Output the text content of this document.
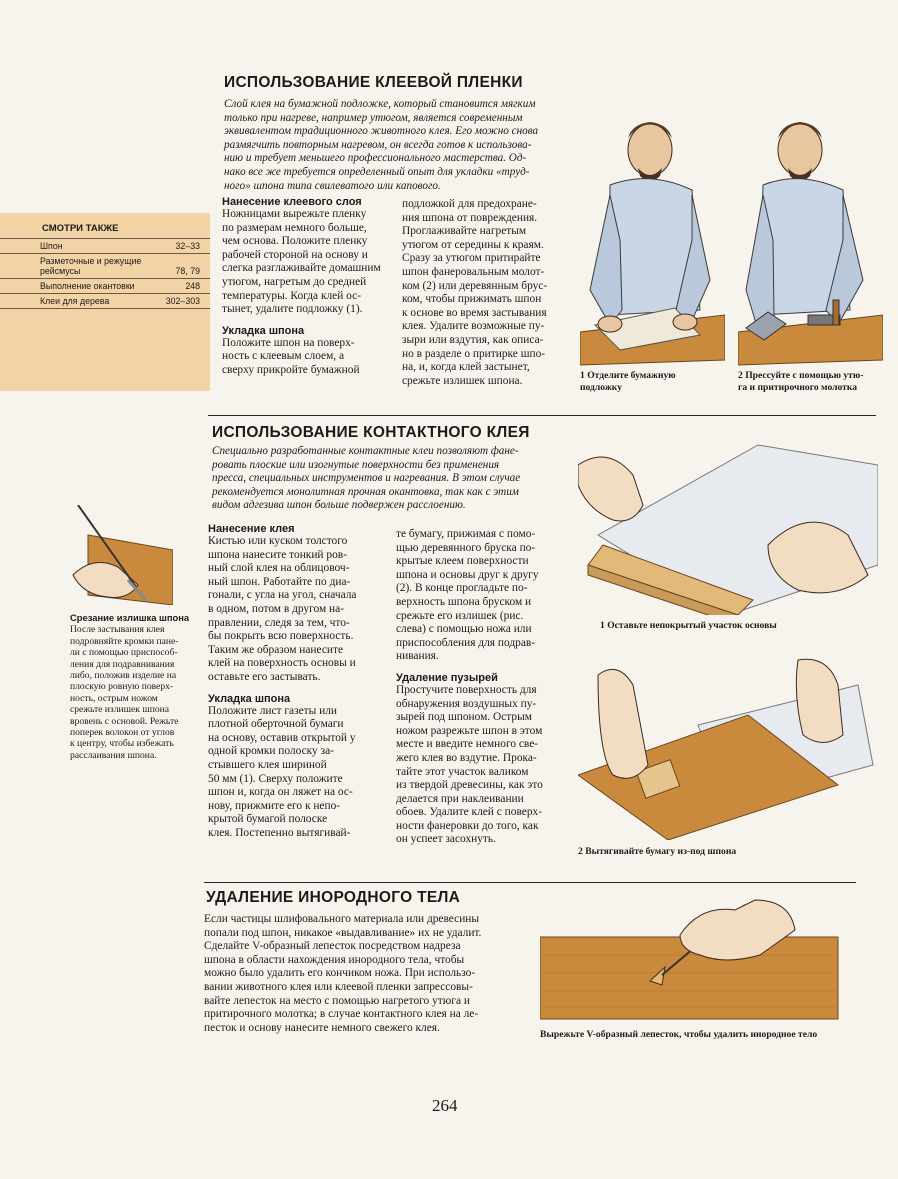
СМОТРИ ТАКЖЕ
Шпон	32–33
Разметочные и режущие рейсмусы	78, 79
Выполнение окантовки	248
Клеи для дерева	302–303
ИСПОЛЬЗОВАНИЕ КЛЕЕВОЙ ПЛЕНКИ
Слой клея на бумажной подложке, который становится мягким
только при нагреве, например утюгом, является современным
эквивалентом традиционного животного клея. Его можно снова
размягчить повторным нагревом, он всегда готов к использова-
нию и требует меньшего профессионального мастерства. Од-
нако все же требуется определенный опыт для укладки «труд-
ного» шпона типа свилеватого или капового.
Нанесение клеевого слоя
Ножницами вырежьте пленку
по размерам немного больше,
чем основа. Положите пленку
рабочей стороной на основу и
слегка разглаживайте домашним
утюгом, нагретым до средней
температуры. Когда клей ос-
тынет, удалите подложку (1).
Укладка шпона
Положите шпон на поверх-
ность с клеевым слоем, а
сверху прикройте бумажной
подложкой для предохране-
ния шпона от повреждения.
Проглаживайте нагретым
утюгом от середины к краям.
Сразу за утюгом притирайте
шпон фанеровальным молот-
ком (2) или деревянным брус-
ком, чтобы прижимать шпон
к основе во время застывания
клея. Удалите возможные пу-
зыри или вздутия, как описа-
но в разделе о притирке шпо-
на, и, когда клей застынет,
срежьте излишек шпона.	1 Отделите бумажную
подложку
2 Прессуйте с помощью утю-
га и притирочного молотка
ИСПОЛЬЗОВАНИЕ КОНТАКТНОГО КЛЕЯ
Специально разработанные контактные клеи позволяют фане-
ровать плоские или изогнутые поверхности без применения
пресса, специальных инструментов и нагревания. В этом случае
рекомендуется монолитная прочная окантовка, так как с этим
видом адгезива шпон больше подвержен расслоению.
Нанесение клея
Кистью или куском толстого
шпона нанесите тонкий ров-
ный слой клея на облицовоч-
ный шпон. Работайте по диа-
гонали, с угла на угол, сначала
в одном, потом в другом на-
правлении, следя за тем, что-
бы покрыть всю поверхность.
Таким же образом нанесите
клей на поверхность основы и
оставьте его застывать.
Укладка шпона
Положите лист газеты или
плотной оберточной бумаги
на основу, оставив открытой у
одной кромки полоску за-
стывшего клея шириной
50 мм (1). Сверху положите
шпон и, когда он ляжет на ос-
нову, прижмите его к непо-
крытой бумагой полоске
клея. Постепенно вытягивай-
те бумагу, прижимая с помо-
щью деревянного бруска по-
крытые клеем поверхности
шпона и основы друг к другу
(2). В конце прогладьте по-
верхность шпона бруском и
срежьте его излишек (рис.
слева) с помощью ножа или
приспособления для подрав-
нивания.
Удаление пузырей
Простучите поверхность для
обнаружения воздушных пу-
зырей под шпоном. Острым
ножом разрежьте шпон в этом
месте и введите немного све-
жего клея во вздутие. Прока-
тайте этот участок валиком
из твердой древесины, как это
делается при наклеивании
обоев. Удалите клей с поверх-
ности фанеровки до того, как
он успеет засохнуть.
Срезание излишка шпона
После застывания клея
подровняйте кромки пане-
ли с помощью приспособ-
ления для подравнивания
либо, положив изделие на
плоскую ровную поверх-
ность, острым ножом
срежьте излишек шпона
вровень с основой. Режьте
поперек волокон от углов
к центру, чтобы избежать
расслаивания шпона.
1 Оставьте непокрытый участок основы
2 Вытягивайте бумагу из-под шпона
УДАЛЕНИЕ ИНОРОДНОГО ТЕЛА
Если частицы шлифовального материала или древесины
попали под шпон, никакое «выдавливание» их не удалит.
Сделайте V-образный лепесток посредством надреза
шпона в области нахождения инородного тела, чтобы
можно было удалить его кончиком ножа. При использо-
вании животного клея или клеевой пленки запрессовы-
вайте лепесток на место с помощью нагретого утюга и
притирочного молотка; в случае контактного клея на ле-
песток и основу нанесите немного свежего клея.
Вырежьте V-образный лепесток, чтобы удалить инородное тело
264
